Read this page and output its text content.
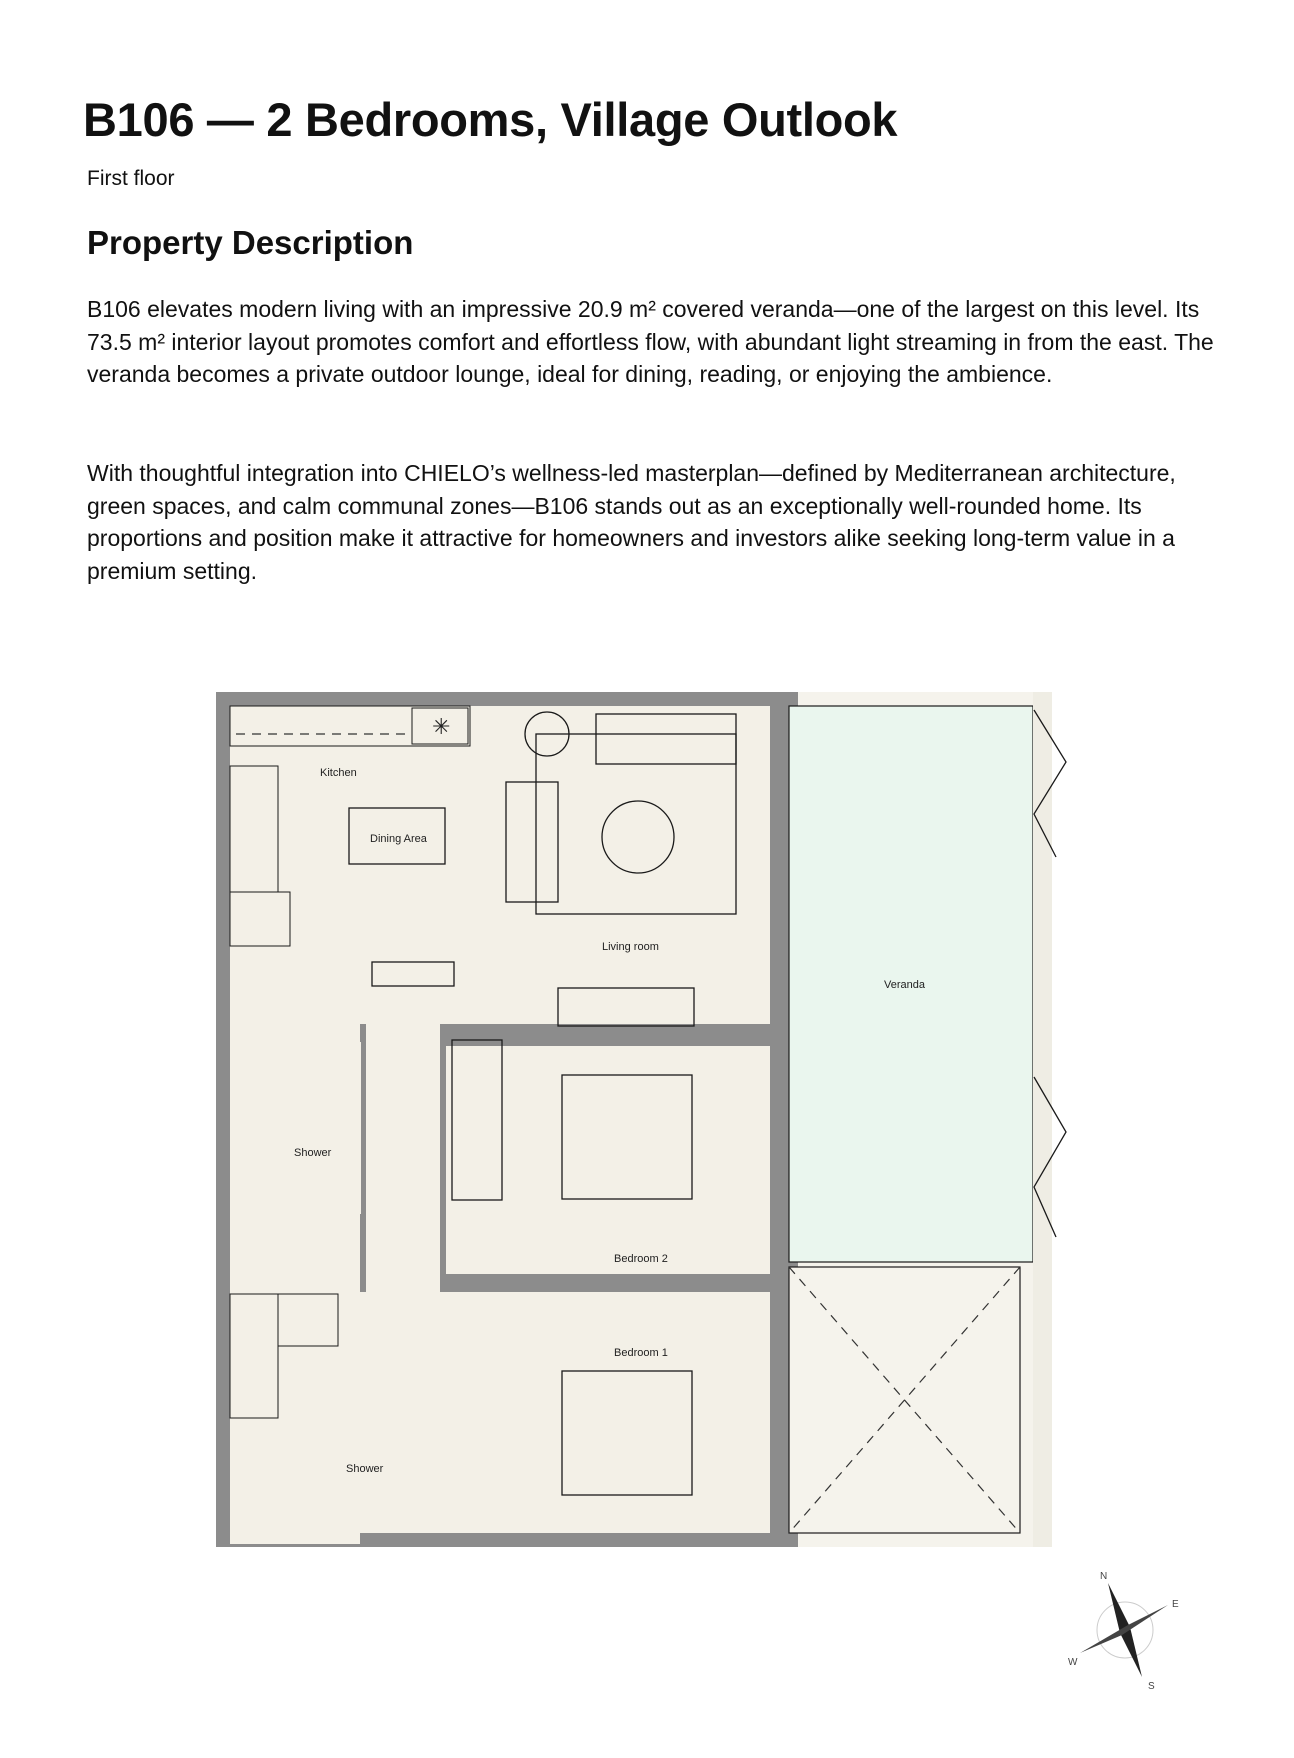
B106 — 2 Bedrooms, Village Outlook

First floor

Property Description

B106 elevates modern living with an impressive 20.9 m² covered veranda—one of the largest on this level. Its 73.5 m² interior layout promotes comfort and effortless flow, with abundant light streaming in from the east. The veranda becomes a private outdoor lounge, ideal for dining, reading, or enjoying the ambience.

With thoughtful integration into CHIELO’s wellness-led masterplan—defined by Mediterranean architecture, green spaces, and calm communal zones—B106 stands out as an exceptionally well-rounded home. Its proportions and position make it attractive for homeowners and investors alike seeking long-term value in a premium setting.

✳
Kitchen
Dining Area
Living room
Veranda
Shower
Bedroom 2
Bedroom 1
Shower
N
E
S
W
